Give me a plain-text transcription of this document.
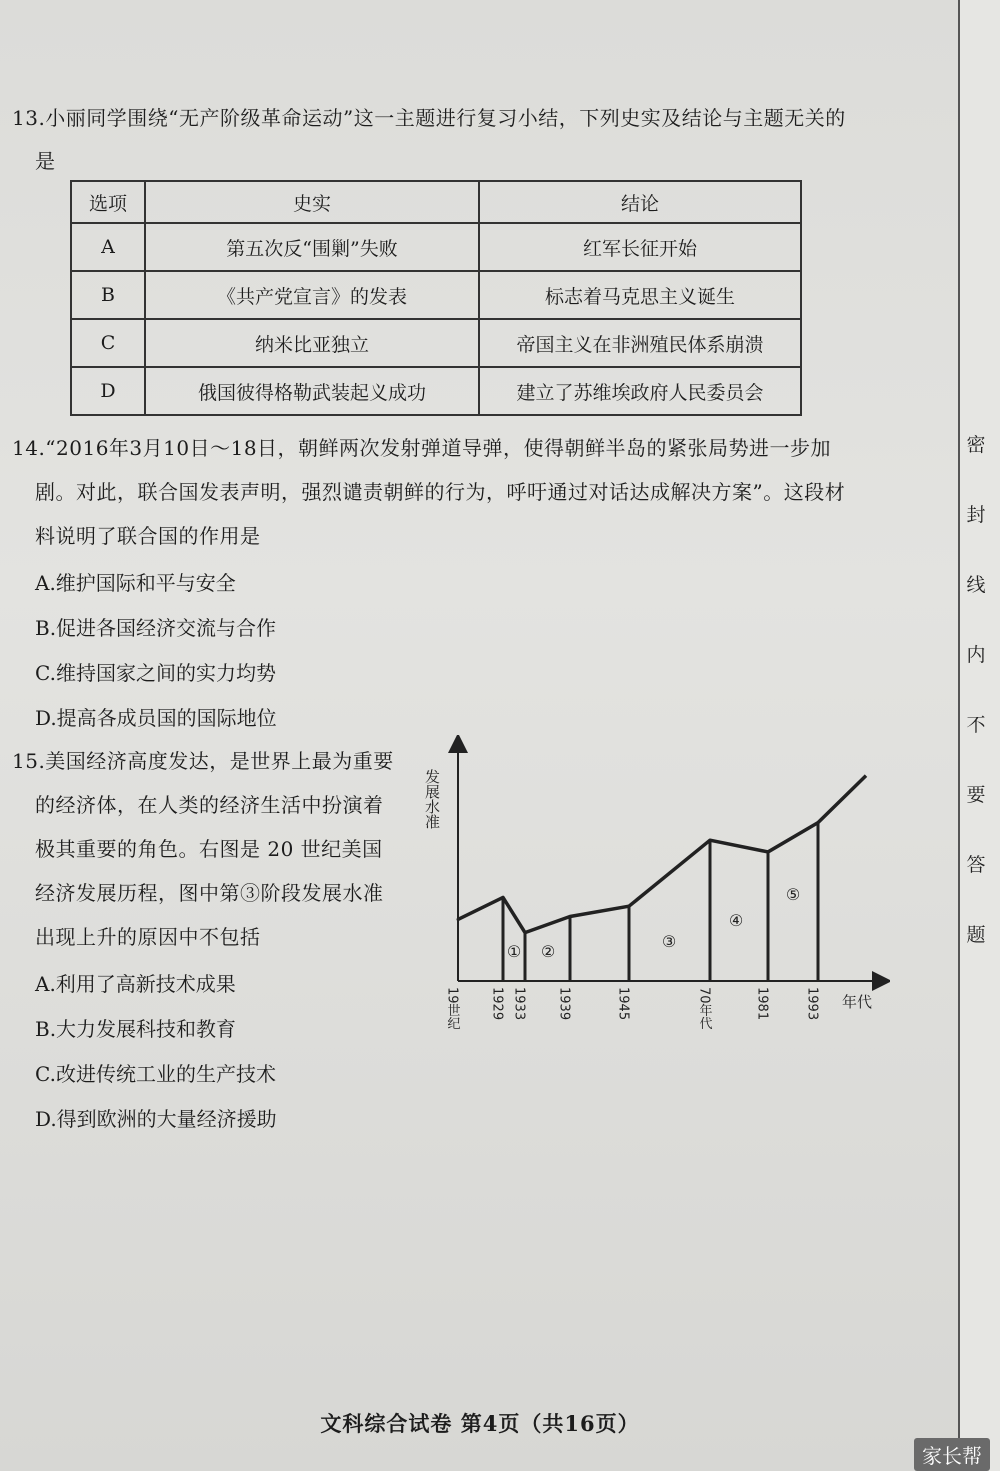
密
封
线
内
不
要
答
题
13.小丽同学围绕“无产阶级革命运动”这一主题进行复习小结，下列史实及结论与主题无关的
是
选项	史实	结论
A	第五次反“围剿”失败	红军长征开始
B	《共产党宣言》的发表	标志着马克思主义诞生
C	纳米比亚独立	帝国主义在非洲殖民体系崩溃
D	俄国彼得格勒武装起义成功	建立了苏维埃政府人民委员会
14.“2016年3月10日～18日，朝鲜两次发射弹道导弹，使得朝鲜半岛的紧张局势进一步加
剧。对此，联合国发表声明，强烈谴责朝鲜的行为，呼吁通过对话达成解决方案”。这段材
料说明了联合国的作用是
A.维护国际和平与安全
B.促进各国经济交流与合作
C.维持国家之间的实力均势
D.提高各成员国的国际地位
15.美国经济高度发达，是世界上最为重要
的经济体，在人类的经济生活中扮演着
极其重要的角色。右图是 20 世纪美国
经济发展历程，图中第③阶段发展水准
出现上升的原因中不包括
A.利用了高新技术成果
B.大力发展科技和教育
C.改进传统工业的生产技术
D.得到欧洲的大量经济援助
发展水准
年代
① ②
③
④
⑤
19世纪 1929 1933 1939	1945	70年代	1981	1993
文科综合试卷 第4页（共16页）
家长帮
